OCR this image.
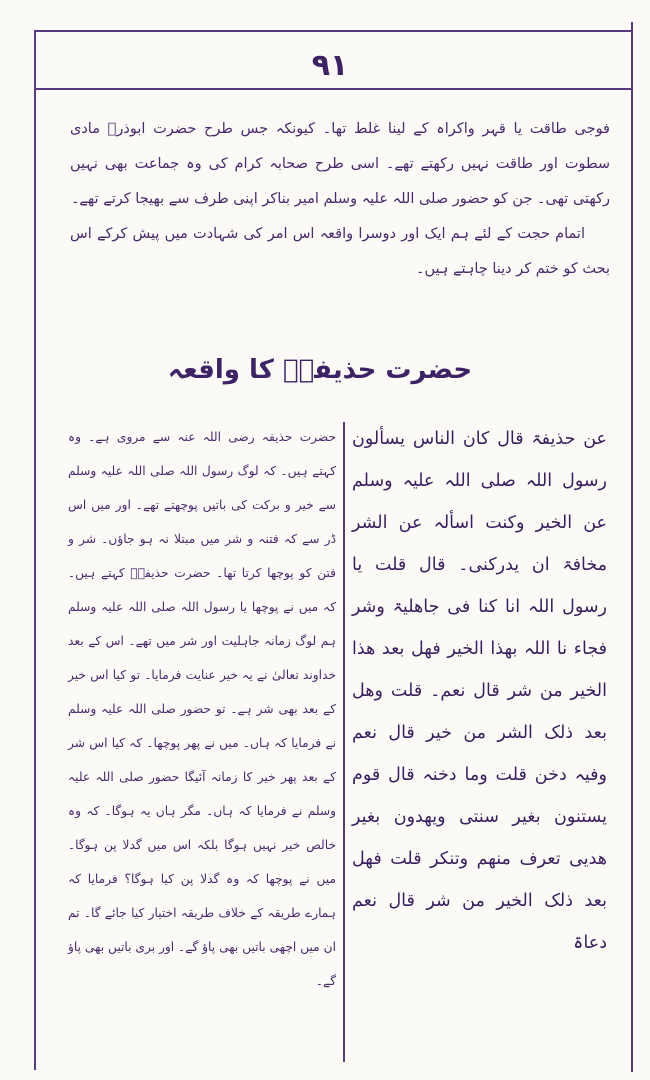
۹۱

فوجی طاقت یا قہر واکراہ کے لینا غلط تھا۔ کیونکہ جس طرح حضرت ابوذرؓ مادی سطوت اور طاقت نہیں رکھتے تھے۔ اسی طرح صحابہ کرام کی وہ جماعت بھی نہیں رکھتی تھی۔ جن کو حضور صلی اللہ علیہ وسلم امیر بناکر اپنی طرف سے بھیجا کرتے تھے۔

اتمام حجت کے لئے ہم ایک اور دوسرا واقعہ اس امر کی شہادت میں پیش کرکے اس بحث کو ختم کر دینا چاہتے ہیں۔

حضرت حذیفہؓ کا واقعہ
عن حذیفۃ قال کان الناس یسألون رسول اللہ صلی اللہ علیہ وسلم عن الخیر وکنت اسألہ عن الشر مخافۃ ان یدرکنی۔ قال قلت یا رسول اللہ انا کنا فی جاھلیۃ وشر فجاء نا اللہ بھذا الخیر فھل بعد ھذا الخیر من شر قال نعم۔ قلت وھل بعد ذلک الشر من خیر قال نعم وفیہ دخن قلت وما دخنہ قال قوم یستنون بغیر سنتی ویھدون بغیر ھدیی تعرف منھم وتنکر قلت فھل بعد ذلک الخیر من شر قال نعم دعاۃ
حضرت حذیفہ رضی اللہ عنہ سے مروی ہے۔ وہ کہتے ہیں۔ کہ لوگ رسول اللہ صلی اللہ علیہ وسلم سے خیر و برکت کی باتیں پوچھتے تھے۔ اور میں اس ڈر سے کہ فتنہ و شر میں مبتلا نہ ہو جاؤں۔ شر و فتن کو پوچھا کرتا تھا۔ حضرت حذیفہؓ کہتے ہیں۔ کہ میں نے پوچھا یا رسول اللہ صلی اللہ علیہ وسلم ہم لوگ زمانہ جاہلیت اور شر میں تھے۔ اس کے بعد خداوند تعالیٰ نے یہ خیر عنایت فرمایا۔ تو کیا اس خیر کے بعد بھی شر ہے۔ تو حضور صلی اللہ علیہ وسلم نے فرمایا کہ ہاں۔ میں نے پھر پوچھا۔ کہ کیا اس شر کے بعد پھر خیر کا زمانہ آئیگا حضور صلی اللہ علیہ وسلم نے فرمایا کہ ہاں۔ مگر ہاں یہ ہوگا۔ کہ وہ خالص خیر نہیں ہوگا بلکہ اس میں گدلا پن ہوگا۔ میں نے پوچھا کہ وہ گدلا پن کیا ہوگا؟ فرمایا کہ ہمارے طریقہ کے خلاف طریقہ اختیار کیا جائے گا۔ تم ان میں اچھی باتیں بھی پاؤ گے۔ اور بری باتیں بھی پاؤ گے۔
